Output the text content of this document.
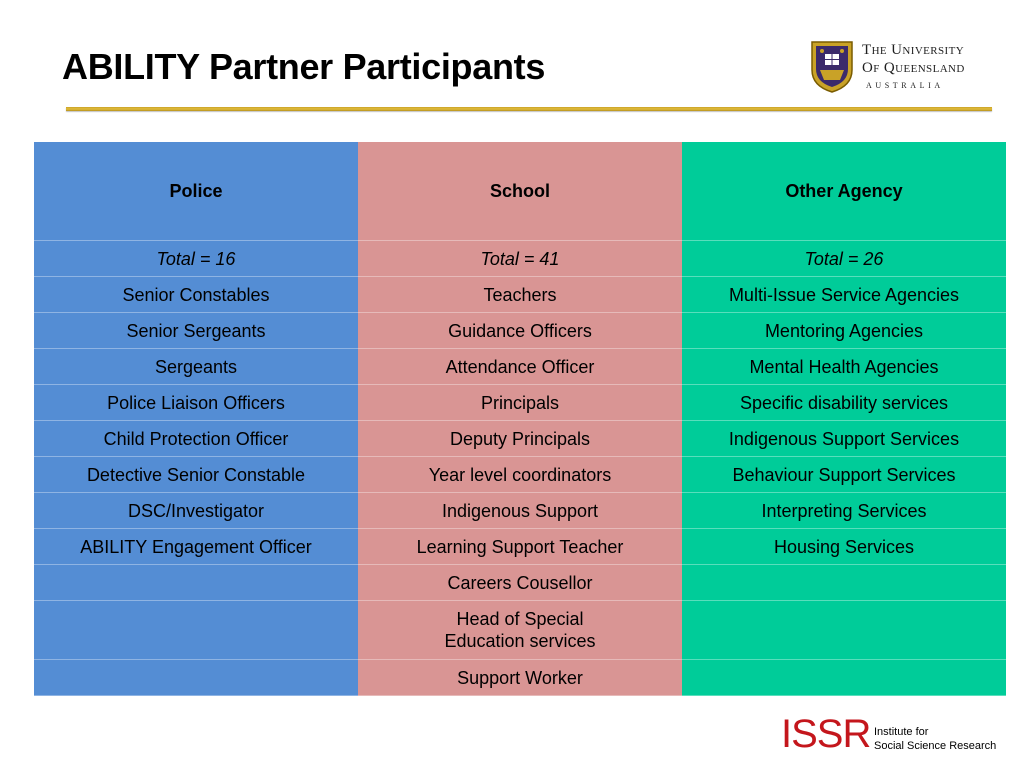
ABILITY Partner Participants	The University
Of Queensland
AUSTRALIA
Police	School	Other Agency
Total = 16	Total = 41	Total = 26
Senior Constables	Teachers	Multi-Issue Service Agencies
Senior Sergeants	Guidance Officers	Mentoring Agencies
Sergeants	Attendance Officer	Mental Health Agencies
Police Liaison Officers	Principals	Specific disability services
Child Protection Officer	Deputy Principals	Indigenous Support Services
Detective Senior Constable	Year level coordinators	Behaviour Support Services
DSC/Investigator	Indigenous Support	Interpreting Services
ABILITY Engagement Officer	Learning Support Teacher	Housing Services
	Careers Cousellor	
	Head of Special Education services	
	Support Worker	
ISSR Institute for
Social Science Research
